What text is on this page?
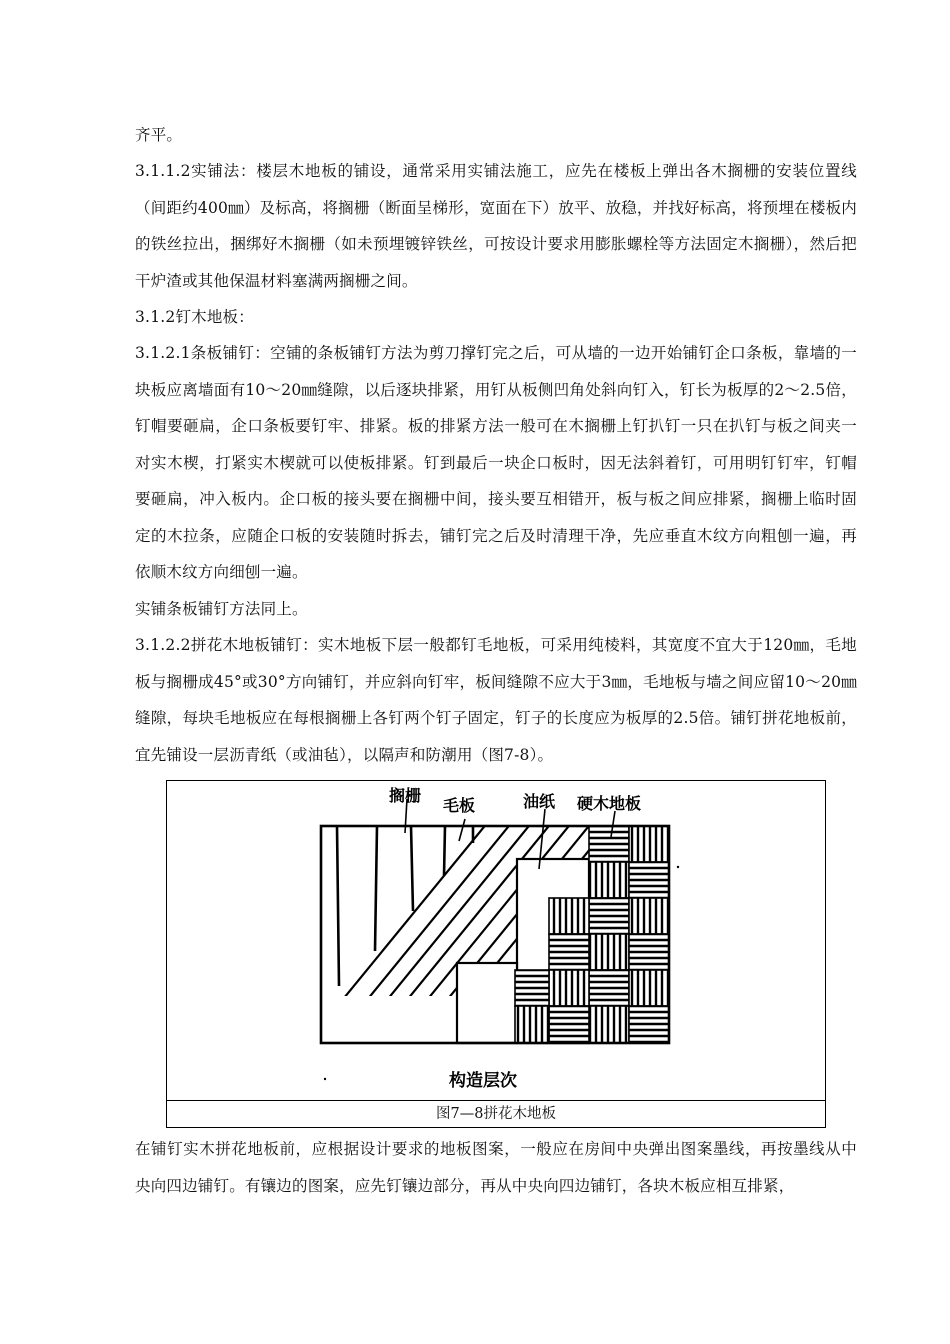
齐平。

3.1.1.2实铺法：楼层木地板的铺设，通常采用实铺法施工，应先在楼板上弹出各木搁栅的安装位置线（间距约400㎜）及标高，将搁栅（断面呈梯形，宽面在下）放平、放稳，并找好标高，将预埋在楼板内的铁丝拉出，捆绑好木搁栅（如未预埋镀锌铁丝，可按设计要求用膨胀螺栓等方法固定木搁栅），然后把干炉渣或其他保温材料塞满两搁栅之间。

3.1.2钉木地板：

3.1.2.1条板铺钉：空铺的条板铺钉方法为剪刀撑钉完之后，可从墙的一边开始铺钉企口条板，靠墙的一块板应离墙面有10～20㎜缝隙，以后逐块排紧，用钉从板侧凹角处斜向钉入，钉长为板厚的2～2.5倍，钉帽要砸扁，企口条板要钉牢、排紧。板的排紧方法一般可在木搁栅上钉扒钉一只在扒钉与板之间夹一对实木楔，打紧实木楔就可以使板排紧。钉到最后一块企口板时，因无法斜着钉，可用明钉钉牢，钉帽要砸扁，冲入板内。企口板的接头要在搁栅中间，接头要互相错开，板与板之间应排紧，搁栅上临时固定的木拉条，应随企口板的安装随时拆去，铺钉完之后及时清理干净，先应垂直木纹方向粗刨一遍，再依顺木纹方向细刨一遍。

实铺条板铺钉方法同上。

3.1.2.2拼花木地板铺钉：实木地板下层一般都钉毛地板，可采用纯棱料，其宽度不宜大于120㎜，毛地板与搁栅成45°或30°方向铺钉，并应斜向钉牢，板间缝隙不应大于3㎜，毛地板与墙之间应留10～20㎜缝隙，每块毛地板应在每根搁栅上各钉两个钉子固定，钉子的长度应为板厚的2.5倍。铺钉拼花地板前，宜先铺设一层沥青纸（或油毡），以隔声和防潮用（图7-8）。

搁栅
毛板	油纸 硬木地板
构造层次
图7—8拼花木地板

在铺钉实木拼花地板前，应根据设计要求的地板图案，一般应在房间中央弹出图案墨线，再按墨线从中央向四边铺钉。有镶边的图案，应先钉镶边部分，再从中央向四边铺钉，各块木板应相互排紧，
